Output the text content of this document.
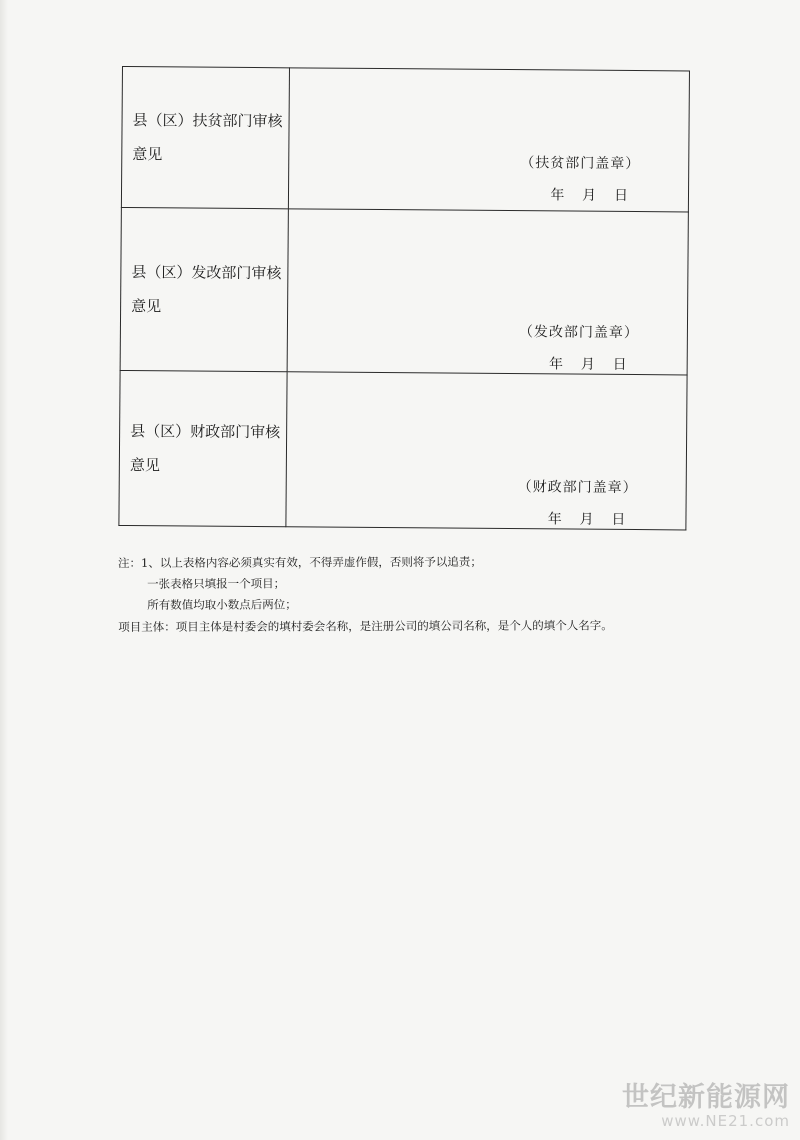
县（区）扶贫部门审核意见	（扶贫部门盖章）
年    月    日

县（区）发改部门审核意见	（发改部门盖章）
年    月    日

县（区）财政部门审核意见	（财政部门盖章）
年    月    日
注：1、以上表格内容必须真实有效，不得弄虚作假，否则将予以追责；
一张表格只填报一个项目；
所有数值均取小数点后两位；
项目主体：项目主体是村委会的填村委会名称，是注册公司的填公司名称，是个人的填个人名字。
世纪新能源网
www.NE21.com
